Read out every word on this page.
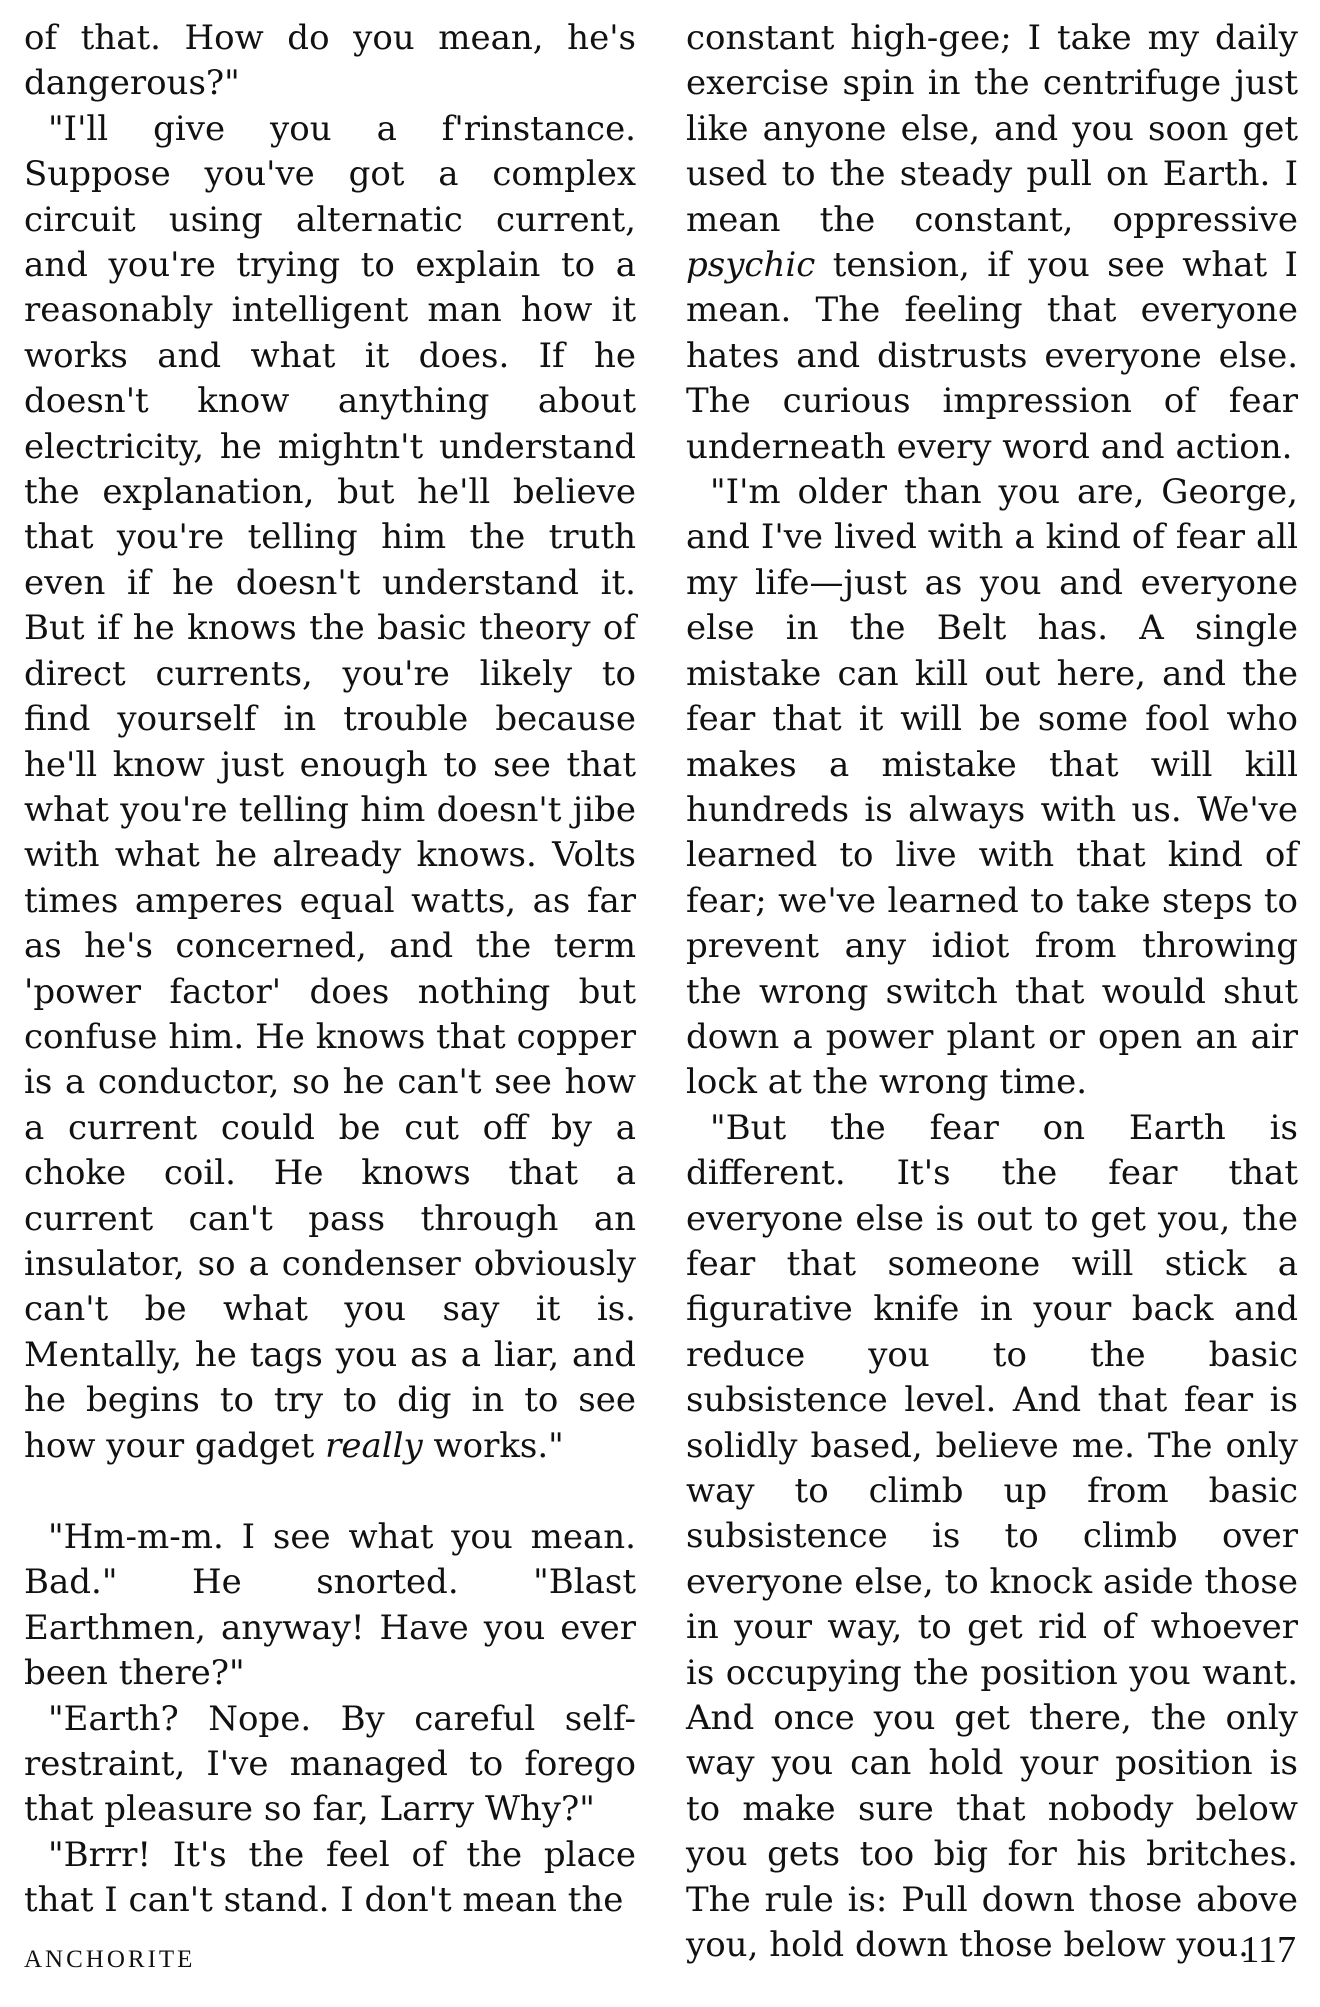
of that. How do you mean, he's dangerous?"

"I'll give you a f'rinstance. Suppose you've got a complex circuit using alternatic current, and you're trying to explain to a reasonably intelligent man how it works and what it does. If he doesn't know anything about electricity, he mightn't understand the explanation, but he'll believe that you're telling him the truth even if he doesn't understand it. But if he knows the basic theory of direct currents, you're likely to find yourself in trouble because he'll know just enough to see that what you're telling him doesn't jibe with what he already knows. Volts times amperes equal watts, as far as he's concerned, and the term 'power factor' does nothing but confuse him. He knows that copper is a conductor, so he can't see how a current could be cut off by a choke coil. He knows that a current can't pass through an insulator, so a condenser obviously can't be what you say it is. Mentally, he tags you as a liar, and he begins to try to dig in to see how your gadget really works."

"Hm-m-m. I see what you mean. Bad." He snorted. "Blast Earthmen, anyway! Have you ever been there?"

"Earth? Nope. By careful self-restraint, I've managed to forego that pleasure so far, Larry Why?"

"Brrr! It's the feel of the place that I can't stand. I don't mean the

constant high-gee; I take my daily exercise spin in the centrifuge just like anyone else, and you soon get used to the steady pull on Earth. I mean the constant, oppressive psychic tension, if you see what I mean. The feeling that everyone hates and distrusts everyone else. The curious impression of fear underneath every word and action.

"I'm older than you are, George, and I've lived with a kind of fear all my life—just as you and everyone else in the Belt has. A single mistake can kill out here, and the fear that it will be some fool who makes a mistake that will kill hundreds is always with us. We've learned to live with that kind of fear; we've learned to take steps to prevent any idiot from throwing the wrong switch that would shut down a power plant or open an air lock at the wrong time.

"But the fear on Earth is different. It's the fear that everyone else is out to get you, the fear that someone will stick a figurative knife in your back and reduce you to the basic subsistence level. And that fear is solidly based, believe me. The only way to climb up from basic subsistence is to climb over everyone else, to knock aside those in your way, to get rid of whoever is occupying the position you want. And once you get there, the only way you can hold your position is to make sure that nobody below you gets too big for his britches. The rule is: Pull down those above you, hold down those below you.

ANCHORITE	117
